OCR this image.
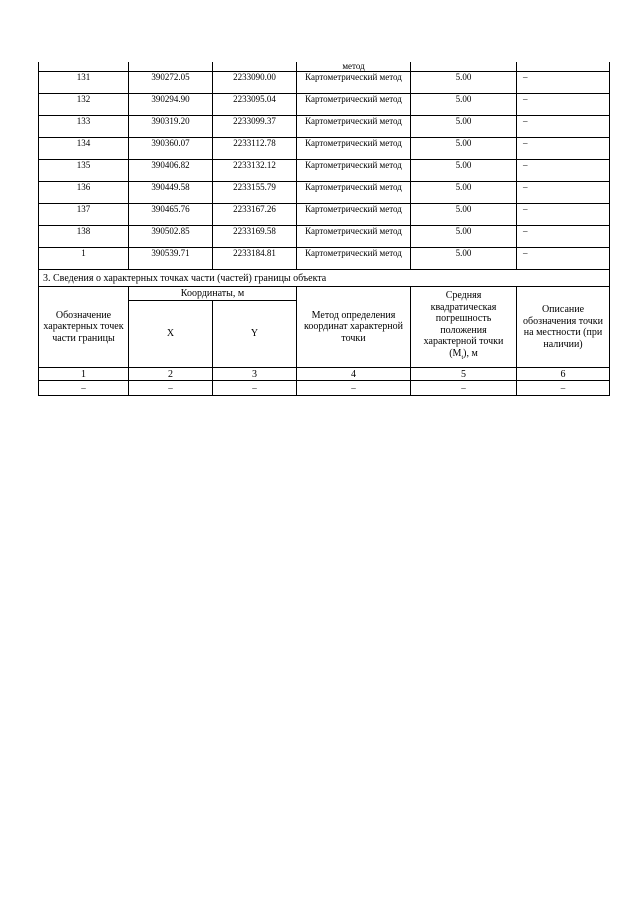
			метод		
131	390272.05	2233090.00	Картометрический метод	5.00	–
132	390294.90	2233095.04	Картометрический метод	5.00	–
133	390319.20	2233099.37	Картометрический метод	5.00	–
134	390360.07	2233112.78	Картометрический метод	5.00	–
135	390406.82	2233132.12	Картометрический метод	5.00	–
136	390449.58	2233155.79	Картометрический метод	5.00	–
137	390465.76	2233167.26	Картометрический метод	5.00	–
138	390502.85	2233169.58	Картометрический метод	5.00	–
1	390539.71	2233184.81	Картометрический метод	5.00	–
3. Сведения о характерных точках части (частей) границы объекта					
Обозначение характерных точек части границы	Координаты, м		Метод определения координат характерной точки	Средняя квадратическая погрешность положения характерной точки $(M_t)$, м	Описание обозначения точки на местности (при наличии)
	X	Y			
1	2	3	4	5	6
–	–	–	–	–	–
